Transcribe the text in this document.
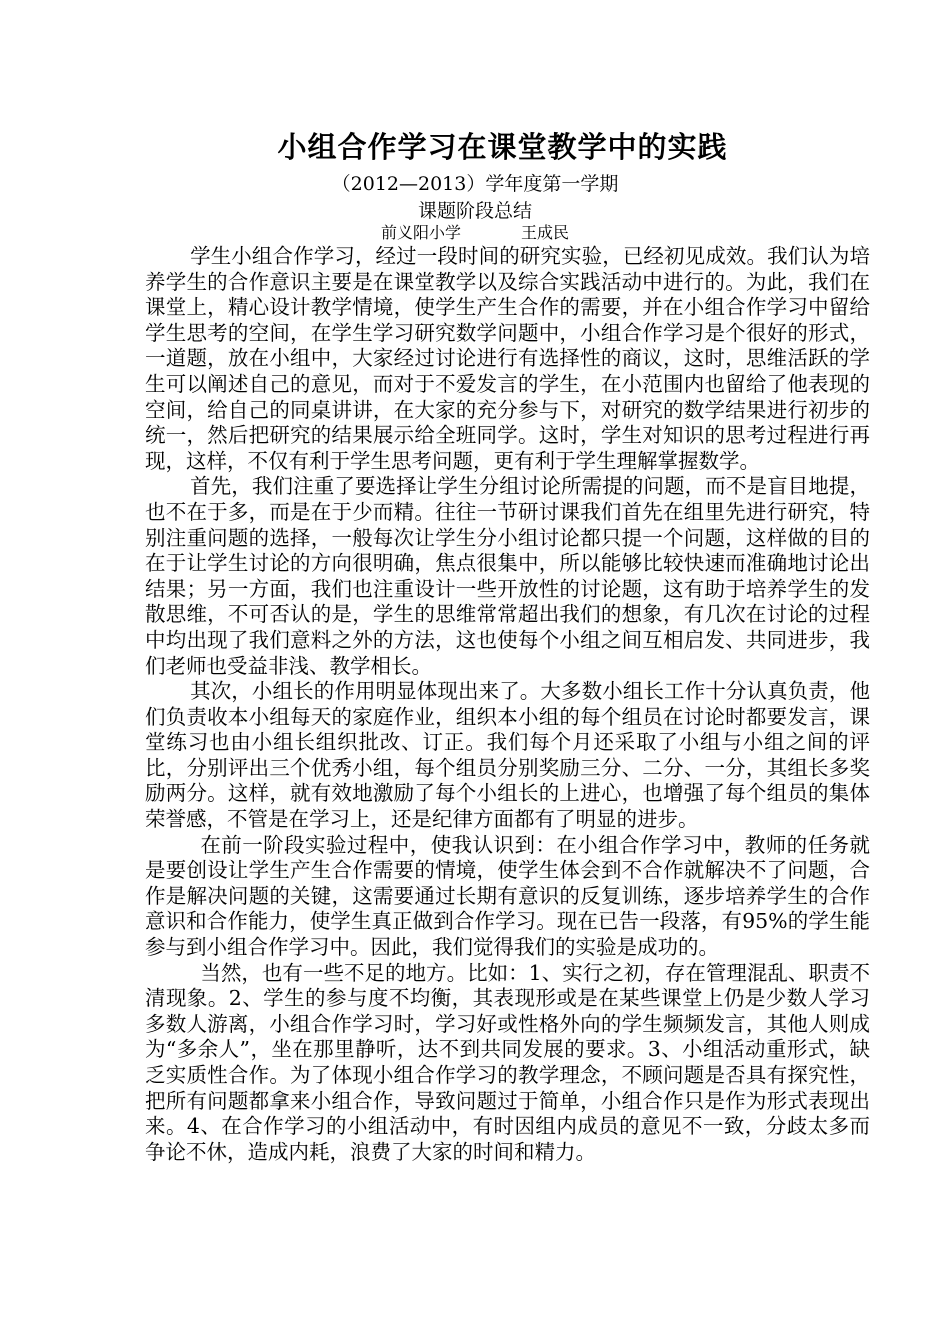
小组合作学习在课堂教学中的实践
（2012—2013）学年度第一学期
课题阶段总结
前义阳小学	王成民

学生小组合作学习，经过一段时间的研究实验，已经初见成效。我们认为培养学生的合作意识主要是在课堂教学以及综合实践活动中进行的。为此，我们在课堂上，精心设计教学情境，使学生产生合作的需要，并在小组合作学习中留给学生思考的空间，在学生学习研究数学问题中，小组合作学习是个很好的形式，一道题，放在小组中，大家经过讨论进行有选择性的商议，这时，思维活跃的学生可以阐述自己的意见，而对于不爱发言的学生，在小范围内也留给了他表现的空间，给自己的同桌讲讲，在大家的充分参与下，对研究的数学结果进行初步的统一，然后把研究的结果展示给全班同学。这时，学生对知识的思考过程进行再现，这样，不仅有利于学生思考问题，更有利于学生理解掌握数学。

首先，我们注重了要选择让学生分组讨论所需提的问题，而不是盲目地提，也不在于多，而是在于少而精。往往一节研讨课我们首先在组里先进行研究，特别注重问题的选择，一般每次让学生分小组讨论都只提一个问题，这样做的目的在于让学生讨论的方向很明确，焦点很集中，所以能够比较快速而准确地讨论出结果；另一方面，我们也注重设计一些开放性的讨论题，这有助于培养学生的发散思维，不可否认的是，学生的思维常常超出我们的想象，有几次在讨论的过程中均出现了我们意料之外的方法，这也使每个小组之间互相启发、共同进步，我们老师也受益非浅、教学相长。

其次，小组长的作用明显体现出来了。大多数小组长工作十分认真负责，他们负责收本小组每天的家庭作业，组织本小组的每个组员在讨论时都要发言，课堂练习也由小组长组织批改、订正。我们每个月还采取了小组与小组之间的评比，分别评出三个优秀小组，每个组员分别奖励三分、二分、一分，其组长多奖励两分。这样，就有效地激励了每个小组长的上进心，也增强了每个组员的集体荣誉感，不管是在学习上，还是纪律方面都有了明显的进步。

在前一阶段实验过程中，使我认识到：在小组合作学习中，教师的任务就是要创设让学生产生合作需要的情境，使学生体会到不合作就解决不了问题，合作是解决问题的关键，这需要通过长期有意识的反复训练，逐步培养学生的合作意识和合作能力，使学生真正做到合作学习。现在已告一段落，有95%的学生能参与到小组合作学习中。因此，我们觉得我们的实验是成功的。

当然，也有一些不足的地方。比如：1、实行之初，存在管理混乱、职责不清现象。2、学生的参与度不均衡，其表现形或是在某些课堂上仍是少数人学习多数人游离，小组合作学习时，学习好或性格外向的学生频频发言，其他人则成为“多余人”，坐在那里静听，达不到共同发展的要求。3、小组活动重形式，缺乏实质性合作。为了体现小组合作学习的教学理念，不顾问题是否具有探究性，把所有问题都拿来小组合作，导致问题过于简单，小组合作只是作为形式表现出来。4、在合作学习的小组活动中，有时因组内成员的意见不一致，分歧太多而争论不休，造成内耗，浪费了大家的时间和精力。
